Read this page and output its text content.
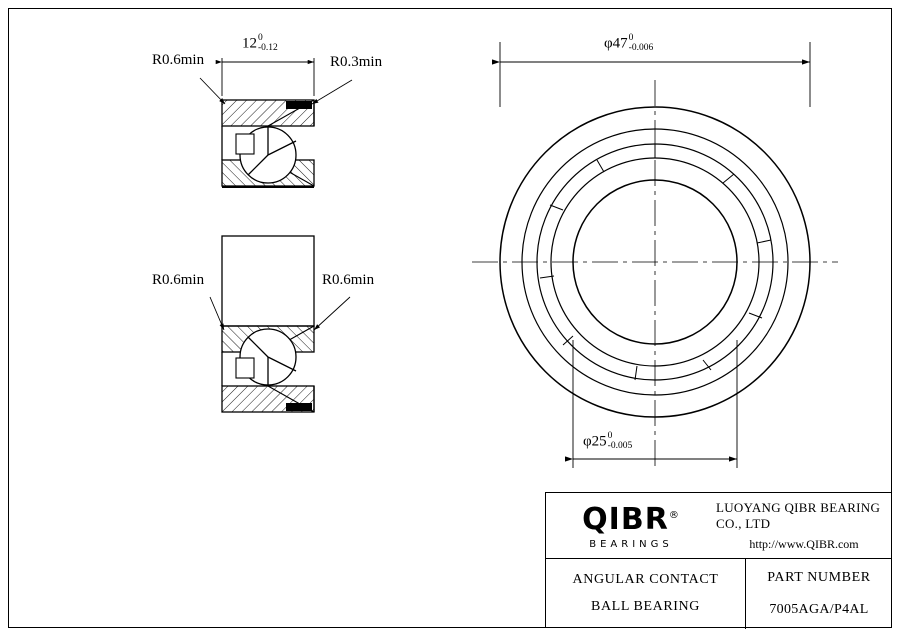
R0.6min	R0.3min
R0.6min	R0.6min
12 0
-0.12	φ47 0
-0.006
φ25 0
-0.005
QIBR®
BEARINGS
LUOYANG QIBR BEARING CO., LTD
http://www.QIBR.com
ANGULAR CONTACT
BALL BEARING
PART NUMBER
7005AGA/P4AL
